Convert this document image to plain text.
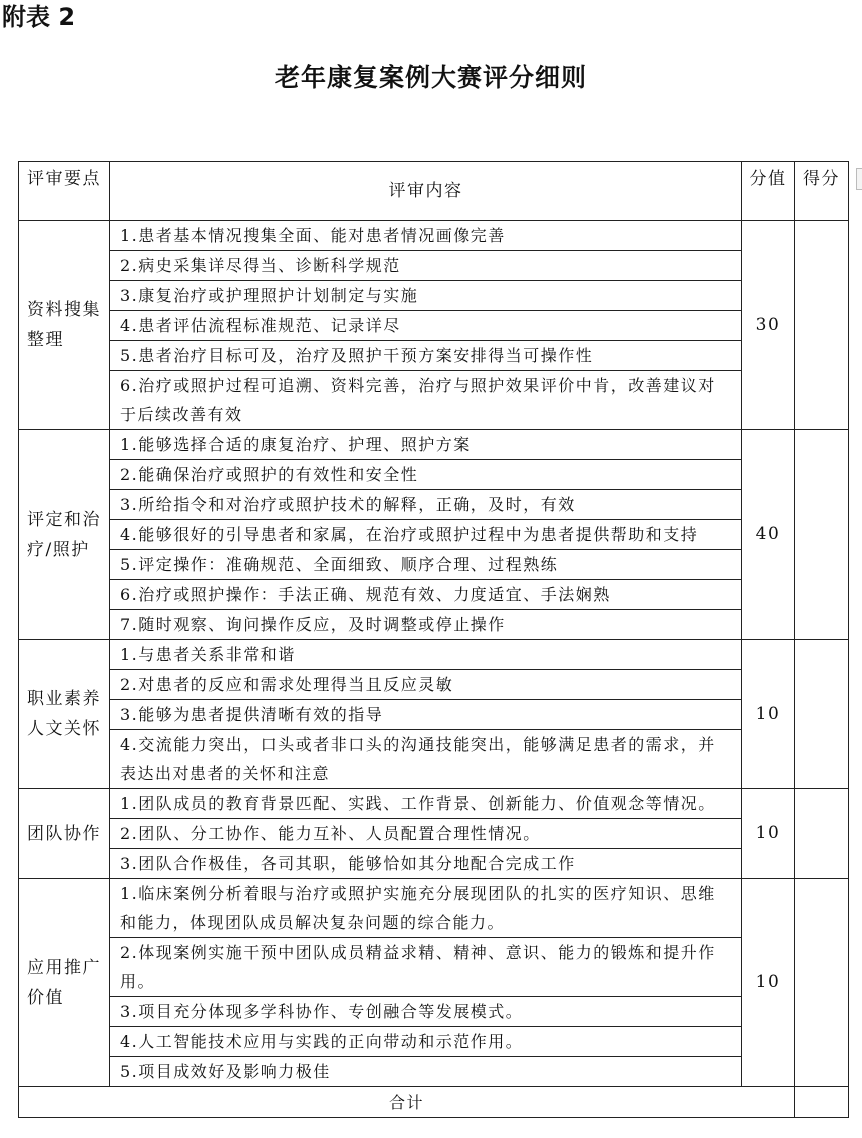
附表 2
老年康复案例大赛评分细则
评审要点	评审内容	分值	得分
资料搜集整理	1.患者基本情况搜集全面、能对患者情况画像完善	30	
	2.病史采集详尽得当、诊断科学规范		
	3.康复治疗或护理照护计划制定与实施		
	4.患者评估流程标准规范、记录详尽		
	5.患者治疗目标可及，治疗及照护干预方案安排得当可操作性		
	6.治疗或照护过程可追溯、资料完善，治疗与照护效果评价中肯，改善建议对于后续改善有效		
评定和治疗/照护	1.能够选择合适的康复治疗、护理、照护方案	40	
	2.能确保治疗或照护的有效性和安全性		
	3.所给指令和对治疗或照护技术的解释，正确，及时，有效		
	4.能够很好的引导患者和家属，在治疗或照护过程中为患者提供帮助和支持		
	5.评定操作：准确规范、全面细致、顺序合理、过程熟练		
	6.治疗或照护操作：手法正确、规范有效、力度适宜、手法娴熟		
	7.随时观察、询问操作反应，及时调整或停止操作		
职业素养人文关怀	1.与患者关系非常和谐	10	
	2.对患者的反应和需求处理得当且反应灵敏		
	3.能够为患者提供清晰有效的指导		
	4.交流能力突出，口头或者非口头的沟通技能突出，能够满足患者的需求，并表达出对患者的关怀和注意		
团队协作	1.团队成员的教育背景匹配、实践、工作背景、创新能力、价值观念等情况。	10	
	2.团队、分工协作、能力互补、人员配置合理性情况。		
	3.团队合作极佳，各司其职，能够恰如其分地配合完成工作		
应用推广价值	1.临床案例分析着眼与治疗或照护实施充分展现团队的扎实的医疗知识、思维和能力，体现团队成员解决复杂问题的综合能力。	10	
	2.体现案例实施干预中团队成员精益求精、精神、意识、能力的锻炼和提升作用。		
	3.项目充分体现多学科协作、专创融合等发展模式。		
	4.人工智能技术应用与实践的正向带动和示范作用。		
	5.项目成效好及影响力极佳		
合计			
